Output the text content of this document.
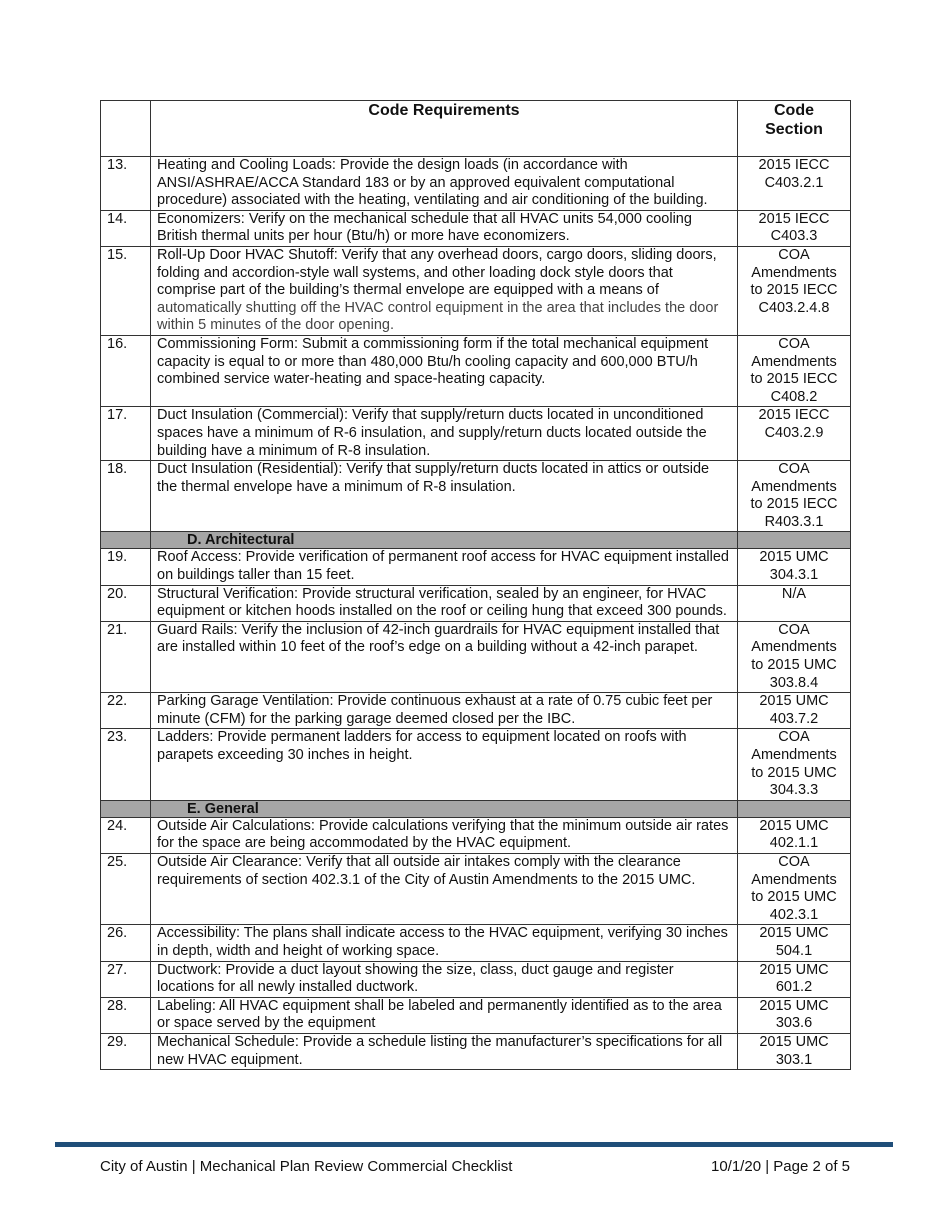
	Code Requirements	Code Section
13.	Heating and Cooling Loads: Provide the design loads (in accordance with ANSI/ASHRAE/ACCA Standard 183 or by an approved equivalent computational procedure) associated with the heating, ventilating and air conditioning of the building.	2015 IECC C403.2.1
14.	Economizers: Verify on the mechanical schedule that all HVAC units 54,000 cooling British thermal units per hour (Btu/h) or more have economizers.	2015 IECC C403.3
15.	Roll-Up Door HVAC Shutoff: Verify that any overhead doors, cargo doors, sliding doors, folding and accordion-style wall systems, and other loading dock style doors that comprise part of the building’s thermal envelope are equipped with a means of automatically shutting off the HVAC control equipment in the area that includes the door within 5 minutes of the door opening.	COA Amendments to 2015 IECC C403.2.4.8
16.	Commissioning Form: Submit a commissioning form if the total mechanical equipment capacity is equal to or more than 480,000 Btu/h cooling capacity and 600,000 BTU/h combined service water-heating and space-heating capacity.	COA Amendments to 2015 IECC C408.2
17.	Duct Insulation (Commercial): Verify that supply/return ducts located in unconditioned spaces have a minimum of R-6 insulation, and supply/return ducts located outside the building have a minimum of R-8 insulation.	2015 IECC C403.2.9
18.	Duct Insulation (Residential): Verify that supply/return ducts located in attics or outside the thermal envelope have a minimum of R-8 insulation.	COA Amendments to 2015 IECC R403.3.1
	D. Architectural	
19.	Roof Access: Provide verification of permanent roof access for HVAC equipment installed on buildings taller than 15 feet.	2015 UMC 304.3.1
20.	Structural Verification: Provide structural verification, sealed by an engineer, for HVAC equipment or kitchen hoods installed on the roof or ceiling hung that exceed 300 pounds.	N/A
21.	Guard Rails: Verify the inclusion of 42-inch guardrails for HVAC equipment installed that are installed within 10 feet of the roof’s edge on a building without a 42-inch parapet.	COA Amendments to 2015 UMC 303.8.4
22.	Parking Garage Ventilation: Provide continuous exhaust at a rate of 0.75 cubic feet per minute (CFM) for the parking garage deemed closed per the IBC.	2015 UMC 403.7.2
23.	Ladders: Provide permanent ladders for access to equipment located on roofs with parapets exceeding 30 inches in height.	COA Amendments to 2015 UMC 304.3.3
	E. General	
24.	Outside Air Calculations: Provide calculations verifying that the minimum outside air rates for the space are being accommodated by the HVAC equipment.	2015 UMC 402.1.1
25.	Outside Air Clearance: Verify that all outside air intakes comply with the clearance requirements of section 402.3.1 of the City of Austin Amendments to the 2015 UMC.	COA Amendments to 2015 UMC 402.3.1
26.	Accessibility: The plans shall indicate access to the HVAC equipment, verifying 30 inches in depth, width and height of working space.	2015 UMC 504.1
27.	Ductwork: Provide a duct layout showing the size, class, duct gauge and register locations for all newly installed ductwork.	2015 UMC 601.2
28.	Labeling: All HVAC equipment shall be labeled and permanently identified as to the area or space served by the equipment	2015 UMC 303.6
29.	Mechanical Schedule: Provide a schedule listing the manufacturer’s specifications for all new HVAC equipment.	2015 UMC 303.1
City of Austin | Mechanical Plan Review Commercial Checklist	10/1/20 | Page 2 of 5
